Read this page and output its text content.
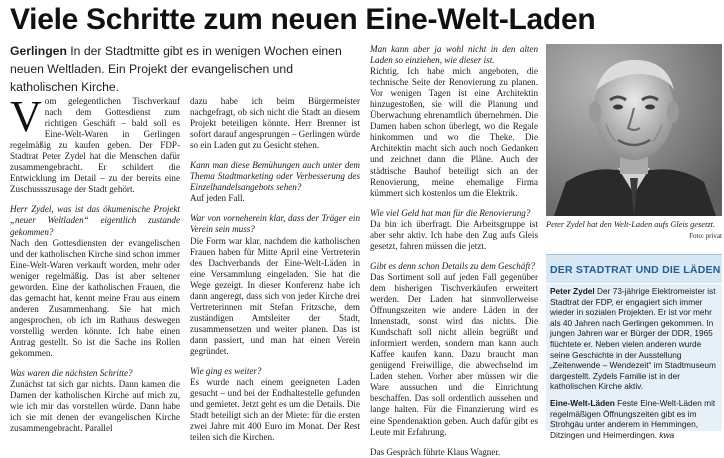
Viele Schritte zum neuen Eine-Welt-Laden
Gerlingen In der Stadtmitte gibt es in wenigen Wochen einen neuen Weltladen. Ein Projekt der evangelischen und katholischen Kirche.

Vom gelegentlichen Tischverkauf nach dem Gottesdienst zum richtigen Geschäft – bald soll es Eine-Welt-Waren in Gerlingen regelmäßig zu kaufen geben. Der FDP-Stadtrat Peter Zydel hat die Menschen dafür zusammengebracht. Er schildert die Entwicklung im Detail – zu der bereits eine Zuschussszusage der Stadt gehört.

Herr Zydel, was ist das ökumenische Projekt „neuer Weltladen“ eigentlich zustande gekommen?

Nach den Gottesdiensten der evangelischen und der katholischen Kirche sind schon immer Eine-Welt-Waren verkauft worden, mehr oder weniger regelmäßig. Das ist aber seltener geworden. Eine der katholischen Frauen, die das gemacht hat, kennt meine Frau aus einem anderen Zusammenhang. Sie hat mich angesprochen, ob ich im Rathaus deswegen vorstellig werden könnte. Ich habe einen Antrag gestellt. So ist die Sache ins Rollen gekommen.

Was waren die nächsten Schritte?

Zunächst tat sich gar nichts. Dann kamen die Damen der katholischen Kirche auf mich zu, wie ich mir das vorstellen würde. Dann habe ich sie mit denen der evangelischen Kirche zusammengebracht. Parallel

dazu habe ich beim Bürgermeister nachgefragt, ob sich nicht die Stadt an diesem Projekt beteiligen könnte. Herr Brenner ist sofort darauf angesprungen – Gerlingen würde so ein Laden gut zu Gesicht stehen.

Kann man diese Bemühungen auch unter dem Thema Stadtmarketing oder Verbesserung des Einzelhandelsangebots sehen?

Auf jeden Fall.

War von vorneherein klar, dass der Träger ein Verein sein muss?

Die Form war klar, nachdem die katholischen Frauen haben für Mitte April eine Vertreterin des Dachverbands der Eine-Welt-Läden in eine Versammlung eingeladen. Sie hat die Wege gezeigt. In dieser Konferenz habe ich dann angeregt, dass sich von jeder Kirche drei Vertreterinnen mit Stefan Fritzsche, dem zuständigen Amtsleiter der Stadt, zusammensetzen und weiter planen. Das ist dann passiert, und man hat einen Verein gegründet.

Wie ging es weiter?

Es wurde nach einem geeigneten Laden gesucht – und bei der Endhaltestelle gefunden und gemietet. Jetzt geht es um die Details. Die Stadt beteiligt sich an der Miete: für die ersten zwei Jahre mit 400 Euro im Monat. Der Rest teilen sich die Kirchen.

Man kann aber ja wohl nicht in den alten Laden so einziehen, wie dieser ist.

Richtig. Ich habe mich angeboten, die technische Seite der Renovierung zu planen. Vor wenigen Tagen ist eine Architektin hinzugestoßen, sie will die Planung und Überwachung ehrenamtlich übernehmen. Die Damen haben schon überlegt, wo die Regale hinkommen und wo die Theke. Die Architektin macht sich auch noch Gedanken und zeichnet dann die Pläne. Auch der städtische Bauhof beteiligt sich an der Renovierung, meine ehemalige Firma kümmert sich kostenlos um die Elektrik.

Wie viel Geld hat man für die Renovierung?

Da bin ich überfragt. Die Arbeitsgruppe ist aber sehr aktiv. Ich habe den Zug aufs Gleis gesetzt, fahren müssen die jetzt.

Gibt es denn schon Details zu dem Geschäft?

Das Sortiment soll auf jeden Fall gegenüber dem bisherigen Tischverkäufen erweitert werden. Der Laden hat sinnvollerweise Öffnungszeiten wie andere Läden in der Innenstadt, sonst wird das nichts. Die Kundschaft soll nicht allein begrüßt und informiert werden, sondern man kann auch Kaffee kaufen kann. Dazu braucht man genügend Freiwillige, die abwechselnd im Laden stehen. Vorher aber müssen wir die Ware aussuchen und die Einrichtung beschaffen. Das soll ordentlich aussehen und lange halten. Für die Finanzierung wird es eine Spendenaktion geben. Auch dafür gibt es Leute mit Erfahrung.

Das Gespräch führte Klaus Wagner.

Peter Zydel hat den Welt-Laden aufs Gleis gesetzt.
Foto: privat
DER STADTRAT UND DIE LÄDEN

Peter Zydel Der 73-jährige Elektromeister ist Stadtrat der FDP, er engagiert sich immer wieder in sozialen Projekten. Er ist vor mehr als 40 Jahren nach Gerlingen gekommen. In jungen Jahren war er Bürger der DDR, 1965 flüchtete er. Neben vielen anderen wurde seine Geschichte in der Ausstellung „Zeitenwende – Wendezeit“ im Stadtmuseum dargestellt. Zydels Familie ist in der katholischen Kirche aktiv.

Eine-Welt-Läden Feste Eine-Welt-Läden mit regelmäßigen Öffnungszeiten gibt es im Strohgäu unter anderem in Hemmingen, Ditzingen und Heimerdingen. kwa
